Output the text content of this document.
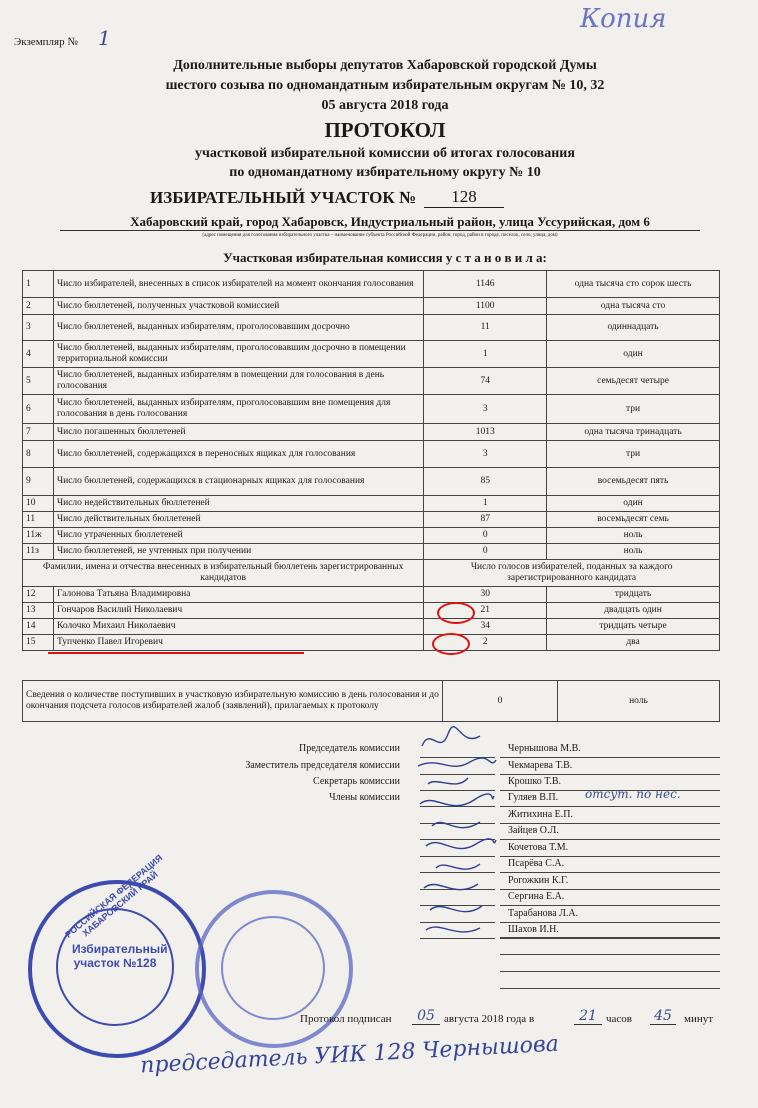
Копия
Экземпляр № 1
Дополнительные выборы депутатов Хабаровской городской Думы
шестого созыва по одномандатным избирательным округам № 10, 32
05 августа 2018 года
ПРОТОКОЛ
участковой избирательной комиссии об итогах голосования
по одномандатному избирательному округу № 10
ИЗБИРАТЕЛЬНЫЙ УЧАСТОК №	128
Хабаровский край, город Хабаровск, Индустриальный район, улица Уссурийская, дом 6
(адрес помещения для голосования избирательного участка – наименование субъекта Российской Федерации, район, город, район в городе, поселок, село, улица, дом)
Участковая избирательная комиссия у с т а н о в и л а:
1	Число избирателей, внесенных в список избирателей на момент окончания голосования	1146	одна тысяча сто сорок шесть
2	Число бюллетеней, полученных участковой комиссией	1100	одна тысяча сто
3	Число бюллетеней, выданных избирателям, проголосовавшим досрочно	11	одиннадцать
4	Число бюллетеней, выданных избирателям, проголосовавшим досрочно в помещении территориальной комиссии	1	один
5	Число бюллетеней, выданных избирателям в помещении для голосования в день голосования	74	семьдесят четыре
6	Число бюллетеней, выданных избирателям, проголосовавшим вне помещения для голосования в день голосования	3	три
7	Число погашенных бюллетеней	1013	одна тысяча тринадцать
8	Число бюллетеней, содержащихся в переносных ящиках для голосования	3	три
9	Число бюллетеней, содержащихся в стационарных ящиках для голосования	85	восемьдесят пять
10	Число недействительных бюллетеней	1	один
11	Число действительных бюллетеней	87	восемьдесят семь
11ж	Число утраченных бюллетеней	0	ноль
11з	Число бюллетеней, не учтенных при получении	0	ноль
Фамилии, имена и отчества внесенных в избирательный бюллетень зарегистрированных кандидатов		Число голосов избирателей, поданных за каждого зарегистрированного кандидата	
12	Галонова Татьяна Владимировна	30	тридцать
13	Гончаров Василий Николаевич	21	двадцать один
14	Колочко Михаил Николаевич	34	тридцать четыре
15	Тупченко Павел Игоревич	2	два
Сведения о количестве поступивших в участковую избирательную комиссию в день голосования и до окончания подсчета голосов избирателей жалоб (заявлений), прилагаемых к протоколу	0	ноль
Председатель комиссии	Чернышова М.В.
Заместитель председателя комиссии	Чекмарева Т.В.
Секретарь комиссии	Крошко Т.В.
Члены комиссии	Гуляев В.П.
Житихина Е.П.
Зайцев О.Л.
Кочетова Т.М.
Псарёва С.А.
Рогожкин К.Г.
Сергина Е.А.
Тарабанова Л.А.
Шахов И.Н.
отсут. по нес.
РОССИЙСКАЯ ФЕДЕРАЦИЯ ХАБАРОВСКИЙ КРАЙ
Избирательный участок №128
Протокол подписан	05 августа 2018 года в	21 часов 45	минут
председатель УИК 128 Чернышова
